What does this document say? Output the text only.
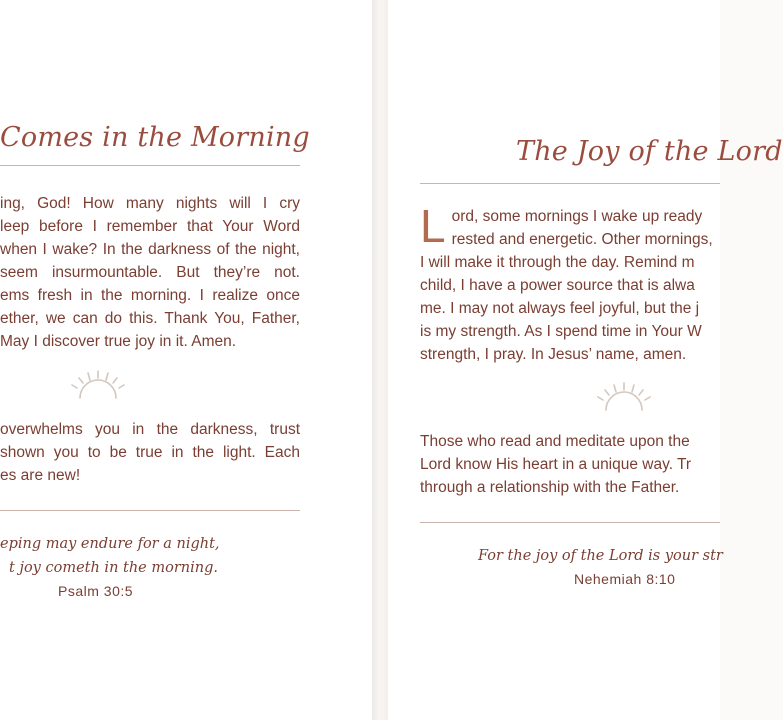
Comes in the Morning
ing, God! How many nights will I cry
leep before I remember that Your Word
when I wake? In the darkness of the night,
seem insurmountable. But they’re not.
ems fresh in the morning. I realize once
ether, we can do this. Thank You, Father,
May I discover true joy in it. Amen.
overwhelms you in the darkness, trust
shown you to be true in the light. Each
es are new!
eping may endure for a night,
t joy cometh in the morning.
Psalm 30:5
The Joy of the Lord
L ord, some mornings I wake up ready
rested and energetic. Other mornings,
I will make it through the day. Remind m
child, I have a power source that is alwa
me. I may not always feel joyful, but the j
is my strength. As I spend time in Your W
strength, I pray. In Jesus’ name, amen.
Those who read and meditate upon the
Lord know His heart in a unique way. Tr
through a relationship with the Father.
For the joy of the Lord is your str
Nehemiah 8:10
